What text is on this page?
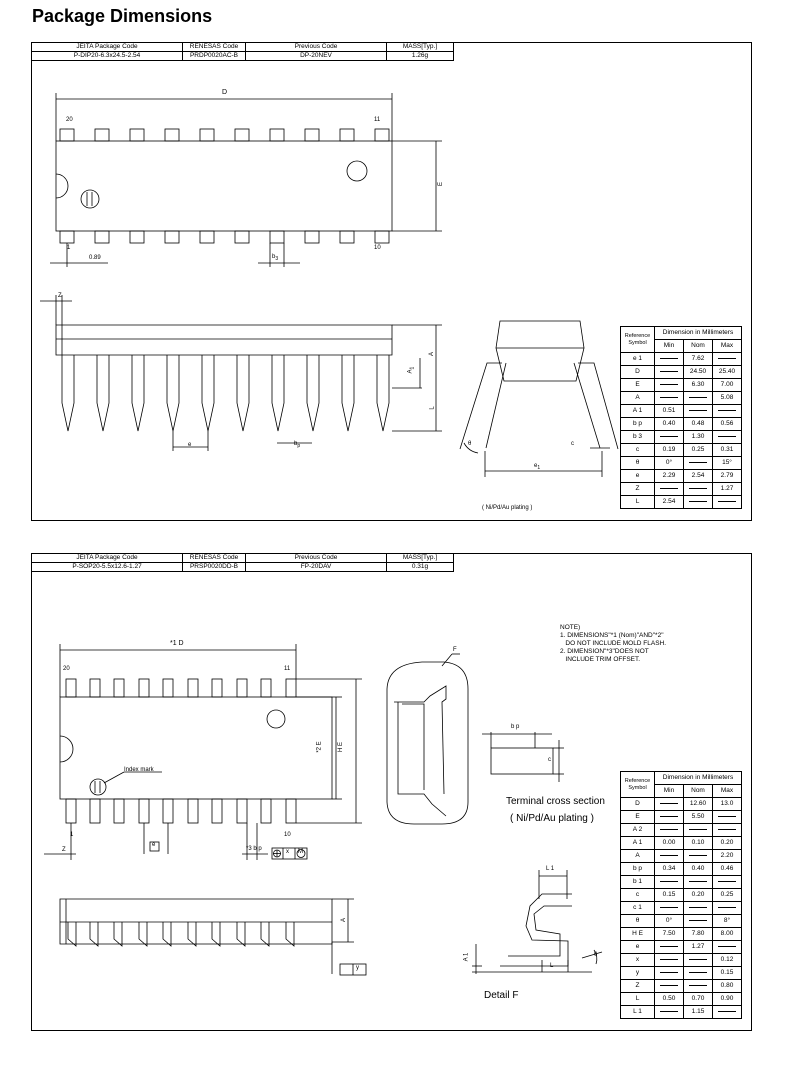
Package Dimensions
JEITA Package Code	RENESAS Code	Previous Code	MASS[Typ.]
P-DIP20-6.3x24.5-2.54	PRDP0020AC-B	DP-20NEV	1.26g
D
20	11
1	10
E
0.89	$b_3$
Z
A
$A_1$
L
e	$b_p$	θ	c
$e_1$
( Ni/Pd/Au plating )
Reference Symbol	Dimension in Millimeters		
	Min	Nom	Max
e 1		7.62	
D		24.50	25.40
E		6.30	7.00
A			5.08
A 1	0.51		
b p	0.40	0.48	0.56
b 3		1.30	
c	0.19	0.25	0.31
θ	0°		15°
e	2.29	2.54	2.79
Z			1.27
L	2.54		
JEITA Package Code	RENESAS Code	Previous Code	MASS[Typ.]
P-SOP20-5.5x12.6-1.27	PRSP0020DD-B	FP-20DAV	0.31g
NOTE)
1. DIMENSIONS"*1 (Nom)"AND"*2"
DO NOT INCLUDE MOLD FLASH.
2. DIMENSION"*3"DOES NOT
INCLUDE TRIM OFFSET.
*1 D
20	11
1	10
*2 E	H E
Index mark
Z
e
*3 b p	x M
A
y
F
b p
c
Terminal cross section
( Ni/Pd/Au plating )
L 1
L
A 1	θ
Detail F
Reference Symbol	Dimension in Millimeters		
	Min	Nom	Max
D		12.60	13.0
E		5.50	
A 2			
A 1	0.00	0.10	0.20
A			2.20
b p	0.34	0.40	0.46
b 1			
c	0.15	0.20	0.25
c 1			
θ	0°		8°
H E	7.50	7.80	8.00
e		1.27	
x			0.12
y			0.15
Z			0.80
L	0.50	0.70	0.90
L 1		1.15	
